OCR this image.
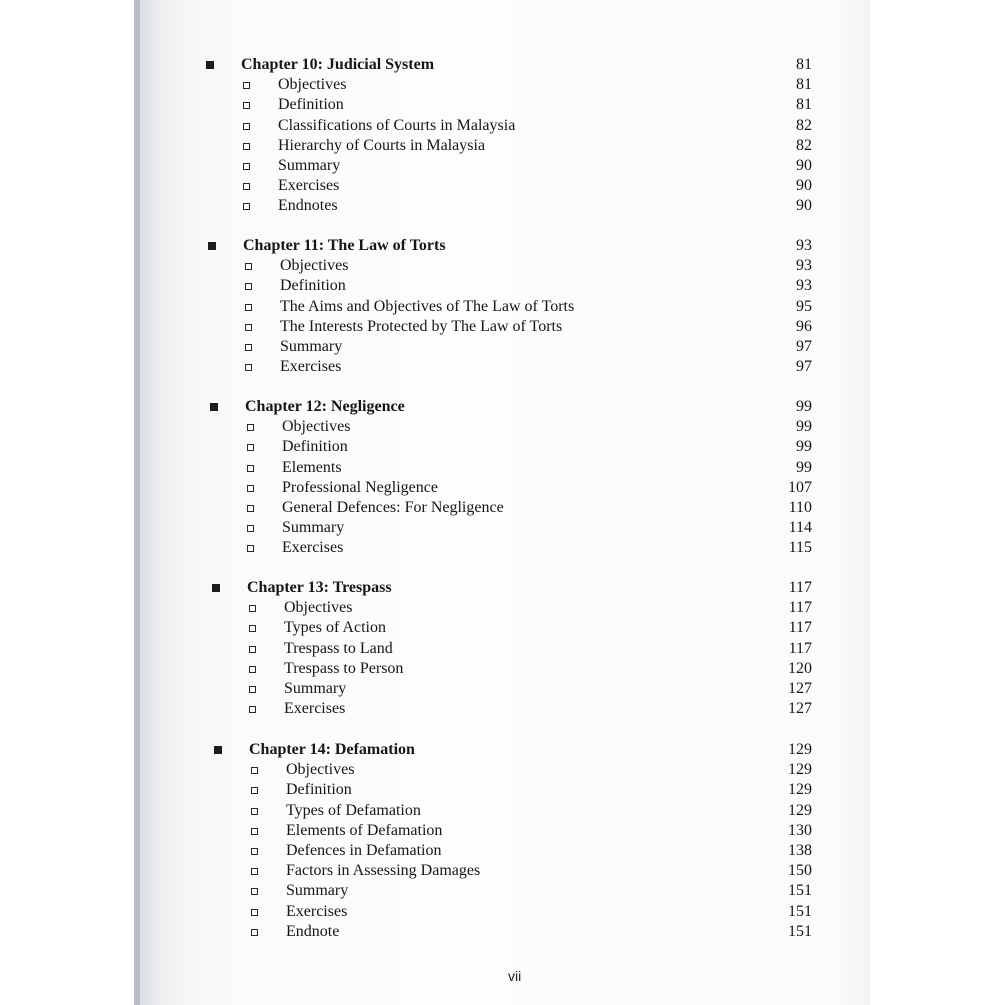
Chapter 10: Judicial System	81
Objectives	81
Definition	81
Classifications of Courts in Malaysia	82
Hierarchy of Courts in Malaysia	82
Summary	90
Exercises	90
Endnotes	90
Chapter 11: The Law of Torts	93
Objectives	93
Definition	93
The Aims and Objectives of The Law of Torts	95
The Interests Protected by The Law of Torts	96
Summary	97
Exercises	97
Chapter 12: Negligence	99
Objectives	99
Definition	99
Elements	99
Professional Negligence	107
General Defences: For Negligence	110
Summary	114
Exercises	115
Chapter 13: Trespass	117
Objectives	117
Types of Action	117
Trespass to Land	117
Trespass to Person	120
Summary	127
Exercises	127
Chapter 14: Defamation	129
Objectives	129
Definition	129
Types of Defamation	129
Elements of Defamation	130
Defences in Defamation	138
Factors in Assessing Damages	150
Summary	151
Exercises	151
Endnote	151
vii
